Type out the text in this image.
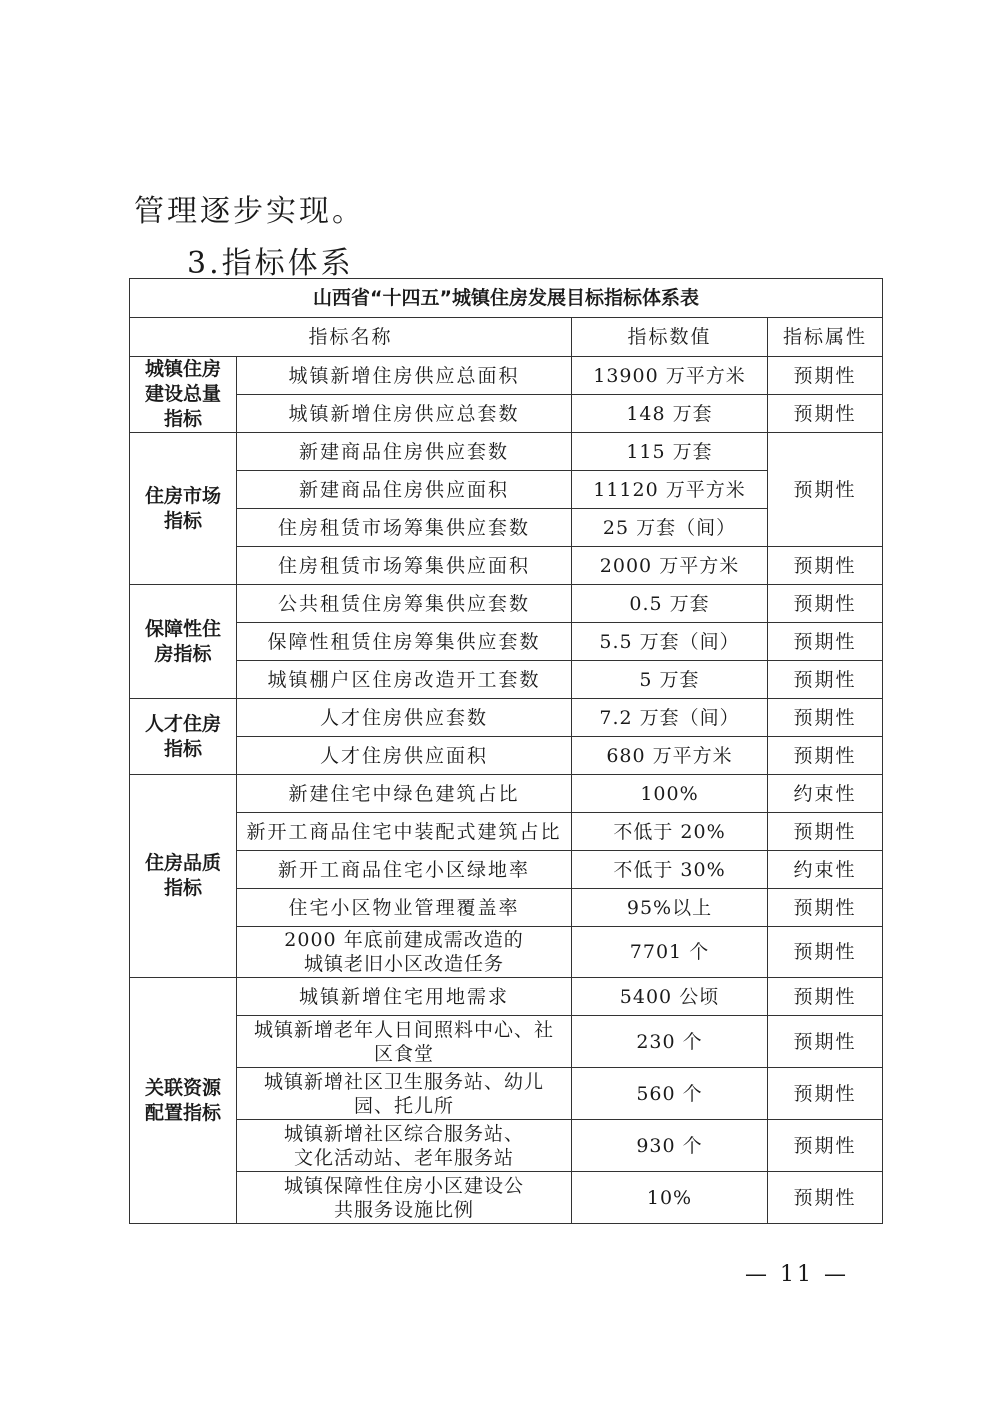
管理逐步实现。

3.指标体系

山西省“十四五”城镇住房发展目标指标体系表			
指标名称		指标数值	指标属性

城镇住房建设总量指标	城镇新增住房供应总面积	13900 万平方米	预期性
	城镇新增住房供应总套数	148 万套	预期性

住房市场指标	新建商品住房供应套数	115 万套	预期性
	新建商品住房供应面积	11120 万平方米	
	住房租赁市场筹集供应套数	25 万套（间）	
	住房租赁市场筹集供应面积	2000 万平方米	预期性

保障性住房指标	公共租赁住房筹集供应套数	0.5 万套	预期性
	保障性租赁住房筹集供应套数	5.5 万套（间）	预期性
	城镇棚户区住房改造开工套数	5 万套	预期性

人才住房指标	人才住房供应套数	7.2 万套（间）	预期性
	人才住房供应面积	680 万平方米	预期性

住房品质指标	新建住宅中绿色建筑占比	100%	约束性
	新开工商品住宅中装配式建筑占比	不低于 20%	预期性
	新开工商品住宅小区绿地率	不低于 30%	约束性
	住宅小区物业管理覆盖率	95%以上	预期性

	2000 年底前建成需改造的城镇老旧小区改造任务	7701 个	预期性

关联资源配置指标	城镇新增住宅用地需求	5400 公顷	预期性

	城镇新增老年人日间照料中心、社区食堂	230 个	预期性

	城镇新增社区卫生服务站、幼儿园、托儿所	560 个	预期性

	城镇新增社区综合服务站、文化活动站、老年服务站	930 个	预期性

	城镇保障性住房小区建设公共服务设施比例	10%	预期性

— 11 —
